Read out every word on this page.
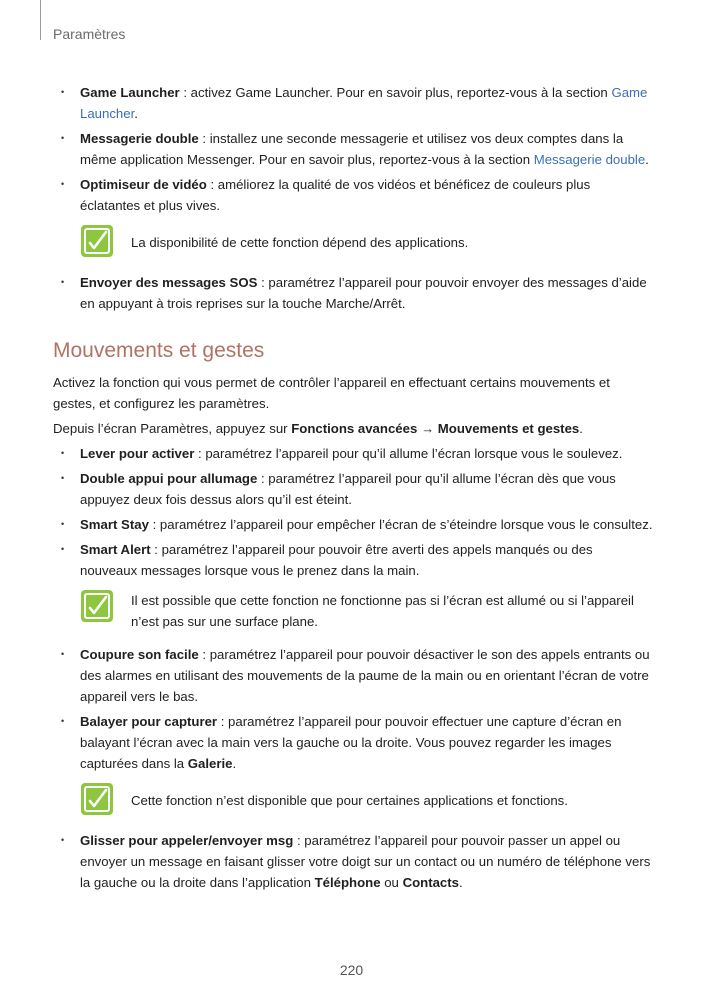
Paramètres
• Game Launcher : activez Game Launcher. Pour en savoir plus, reportez-vous à la section Game Launcher.
• Messagerie double : installez une seconde messagerie et utilisez vos deux comptes dans la même application Messenger. Pour en savoir plus, reportez-vous à la section Messagerie double.
• Optimiseur de vidéo : améliorez la qualité de vos vidéos et bénéficez de couleurs plus éclatantes et plus vives.
La disponibilité de cette fonction dépend des applications.
• Envoyer des messages SOS : paramétrez l’appareil pour pouvoir envoyer des messages d’aide en appuyant à trois reprises sur la touche Marche/Arrêt.
Mouvements et gestes

Activez la fonction qui vous permet de contrôler l’appareil en effectuant certains mouvements et gestes, et configurez les paramètres.

Depuis l’écran Paramètres, appuyez sur Fonctions avancées → Mouvements et gestes.

• Lever pour activer : paramétrez l’appareil pour qu’il allume l’écran lorsque vous le soulevez.
• Double appui pour allumage : paramétrez l’appareil pour qu’il allume l’écran dès que vous appuyez deux fois dessus alors qu’il est éteint.
• Smart Stay : paramétrez l’appareil pour empêcher l’écran de s’éteindre lorsque vous le consultez.
• Smart Alert : paramétrez l’appareil pour pouvoir être averti des appels manqués ou des nouveaux messages lorsque vous le prenez dans la main.
Il est possible que cette fonction ne fonctionne pas si l’écran est allumé ou si l’appareil n’est pas sur une surface plane.
• Coupure son facile : paramétrez l’appareil pour pouvoir désactiver le son des appels entrants ou des alarmes en utilisant des mouvements de la paume de la main ou en orientant l’écran de votre appareil vers le bas.
• Balayer pour capturer : paramétrez l’appareil pour pouvoir effectuer une capture d’écran en balayant l’écran avec la main vers la gauche ou la droite. Vous pouvez regarder les images capturées dans la Galerie.
Cette fonction n’est disponible que pour certaines applications et fonctions.
• Glisser pour appeler/envoyer msg : paramétrez l’appareil pour pouvoir passer un appel ou envoyer un message en faisant glisser votre doigt sur un contact ou un numéro de téléphone vers la gauche ou la droite dans l’application Téléphone ou Contacts.
220
